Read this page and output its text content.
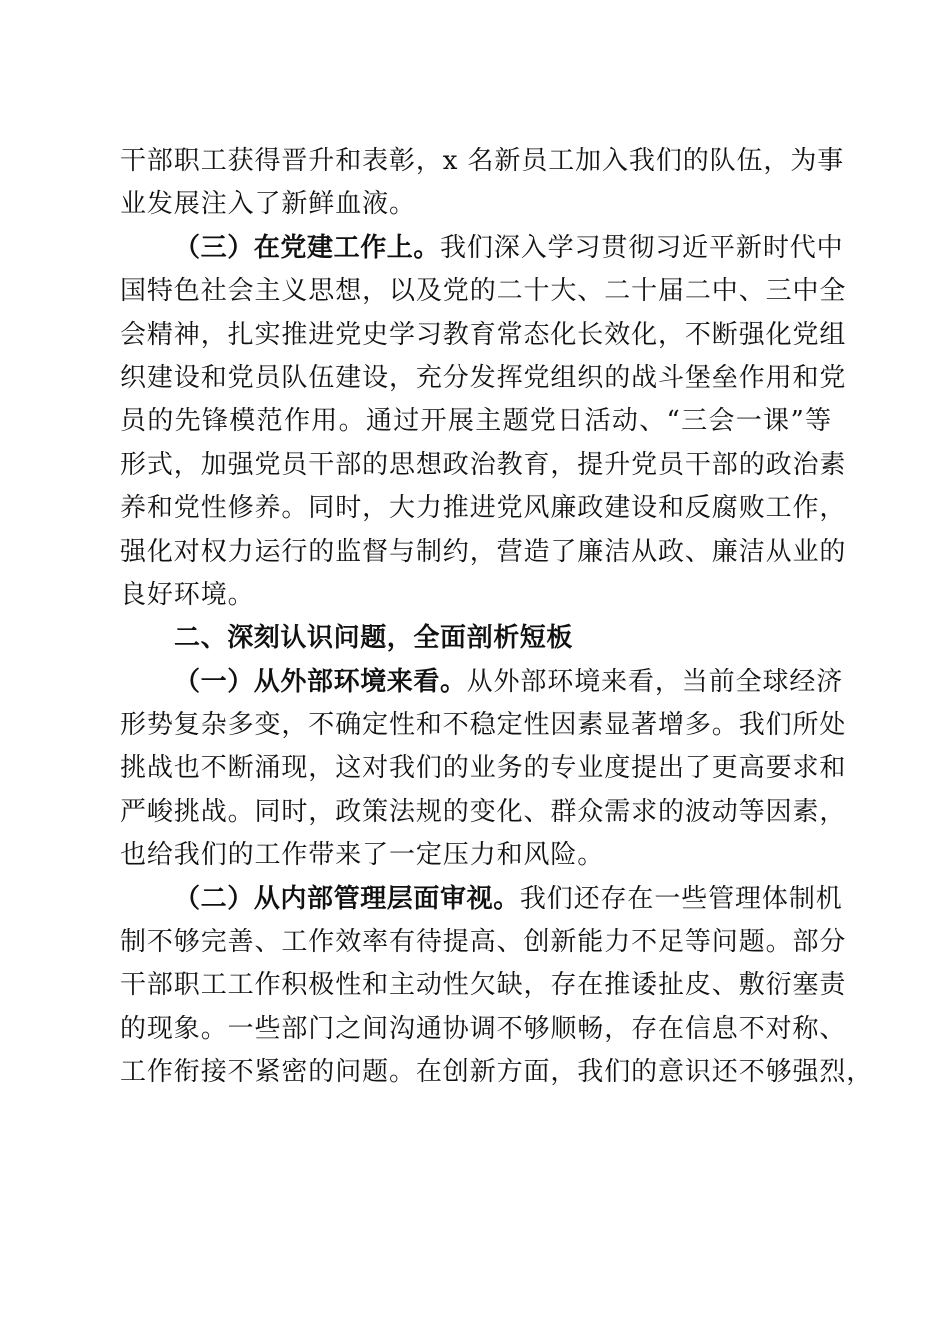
干部职工获得晋升和表彰，x 名新员工加入我们的队伍，为事
业发展注入了新鲜血液。
（三）在党建工作上。我们深入学习贯彻习近平新时代中
国特色社会主义思想，以及党的二十大、二十届二中、三中全
会精神，扎实推进党史学习教育常态化长效化，不断强化党组
织建设和党员队伍建设，充分发挥党组织的战斗堡垒作用和党
员的先锋模范作用。通过开展主题党日活动、“三会一课”等
形式，加强党员干部的思想政治教育，提升党员干部的政治素
养和党性修养。同时，大力推进党风廉政建设和反腐败工作，
强化对权力运行的监督与制约，营造了廉洁从政、廉洁从业的
良好环境。
二、深刻认识问题，全面剖析短板
（一）从外部环境来看。从外部环境来看，当前全球经济
形势复杂多变，不确定性和不稳定性因素显著增多。我们所处
挑战也不断涌现，这对我们的业务的专业度提出了更高要求和
严峻挑战。同时，政策法规的变化、群众需求的波动等因素，
也给我们的工作带来了一定压力和风险。
（二）从内部管理层面审视。我们还存在一些管理体制机
制不够完善、工作效率有待提高、创新能力不足等问题。部分
干部职工工作积极性和主动性欠缺，存在推诿扯皮、敷衍塞责
的现象。一些部门之间沟通协调不够顺畅，存在信息不对称、
工作衔接不紧密的问题。在创新方面，我们的意识还不够强烈，
